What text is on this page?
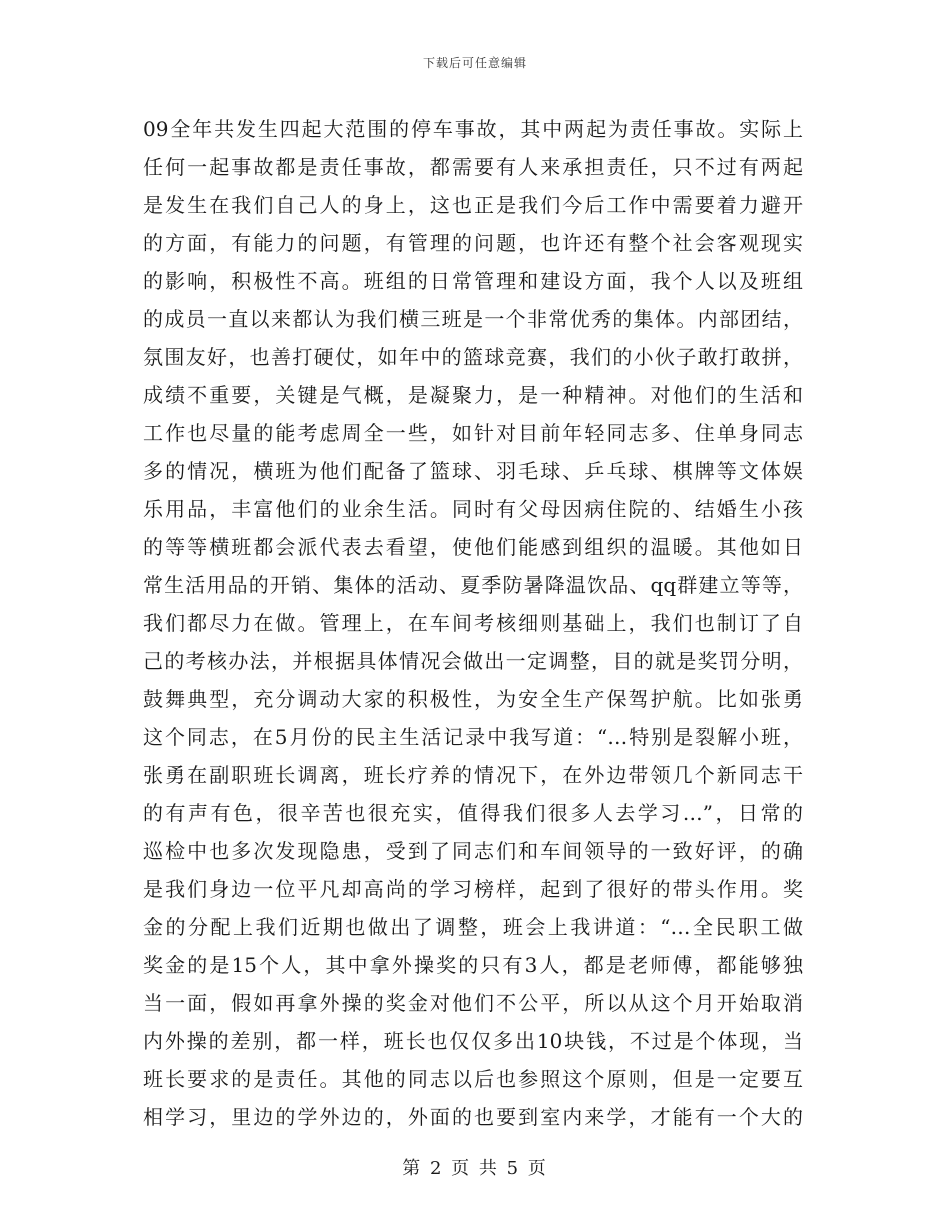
下载后可任意编辑
09全年共发生四起大范围的停车事故，其中两起为责任事故。实际上
任何一起事故都是责任事故，都需要有人来承担责任，只不过有两起
是发生在我们自己人的身上，这也正是我们今后工作中需要着力避开
的方面，有能力的问题，有管理的问题，也许还有整个社会客观现实
的影响，积极性不高。班组的日常管理和建设方面，我个人以及班组
的成员一直以来都认为我们横三班是一个非常优秀的集体。内部团结，
氛围友好，也善打硬仗，如年中的篮球竞赛，我们的小伙子敢打敢拼，
成绩不重要，关键是气概，是凝聚力，是一种精神。对他们的生活和
工作也尽量的能考虑周全一些，如针对目前年轻同志多、住单身同志
多的情况，横班为他们配备了篮球、羽毛球、乒乓球、棋牌等文体娱
乐用品，丰富他们的业余生活。同时有父母因病住院的、结婚生小孩
的等等横班都会派代表去看望，使他们能感到组织的温暖。其他如日
常生活用品的开销、集体的活动、夏季防暑降温饮品、qq群建立等等，
我们都尽力在做。管理上，在车间考核细则基础上，我们也制订了自
己的考核办法，并根据具体情况会做出一定调整，目的就是奖罚分明，
鼓舞典型，充分调动大家的积极性，为安全生产保驾护航。比如张勇
这个同志，在5月份的民主生活记录中我写道：“…特别是裂解小班，
张勇在副职班长调离，班长疗养的情况下，在外边带领几个新同志干
的有声有色，很辛苦也很充实，值得我们很多人去学习…”，日常的
巡检中也多次发现隐患，受到了同志们和车间领导的一致好评，的确
是我们身边一位平凡却高尚的学习榜样，起到了很好的带头作用。奖
金的分配上我们近期也做出了调整，班会上我讲道：“…全民职工做
奖金的是15个人，其中拿外操奖的只有3人，都是老师傅，都能够独
当一面，假如再拿外操的奖金对他们不公平，所以从这个月开始取消
内外操的差别，都一样，班长也仅仅多出10块钱，不过是个体现，当
班长要求的是责任。其他的同志以后也参照这个原则，但是一定要互
相学习，里边的学外边的，外面的也要到室内来学，才能有一个大的
第 2 页 共 5 页
